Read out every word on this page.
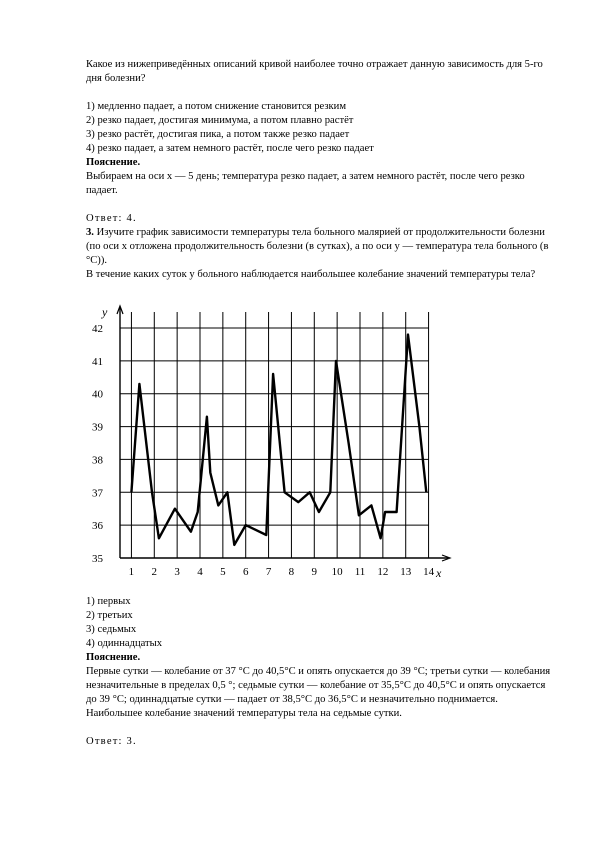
Какое из нижеприведённых описаний кривой наиболее точно отражает данную зависимость для 5-го дня болезни?

1) медленно падает, а потом снижение становится резким

2) резко падает, достигая минимума, а потом плавно растёт

3) резко растёт, достигая пика, а потом также резко падает

4) резко падает, а затем немного растёт, после чего резко падает

Пояснение.

Выбираем на оси x — 5 день; температура резко падает, а затем немного растёт, после чего резко падает.

Ответ: 4.

3. Изучите график зависимости температуры тела больного малярией от продолжительности болезни (по оси x отложена продолжительность болезни (в сутках), а по оси y — температура тела больного (в °C)).

В течение каких суток у больного наблюдается наибольшее колебание значений температуры тела?

35
36
37
38
39
40
41
42
1 2 3 4 5 6 7 8 9 10 11 12 13 14
y
x

1) первых

2) третьих

3) седьмых

4) одиннадцатых

Пояснение.

Первые сутки — колебание от 37 °C до 40,5°C и опять опускается до 39 °C; третьи сутки — колебания незначительные в пределах 0,5 °; седьмые сутки — колебание от 35,5°C до 40,5°C и опять опускается до 39 °C; одиннадцатые сутки — падает от 38,5°C до 36,5°C и незначительно поднимается.

Наибольшее колебание значений температуры тела на седьмые сутки.

Ответ: 3.
